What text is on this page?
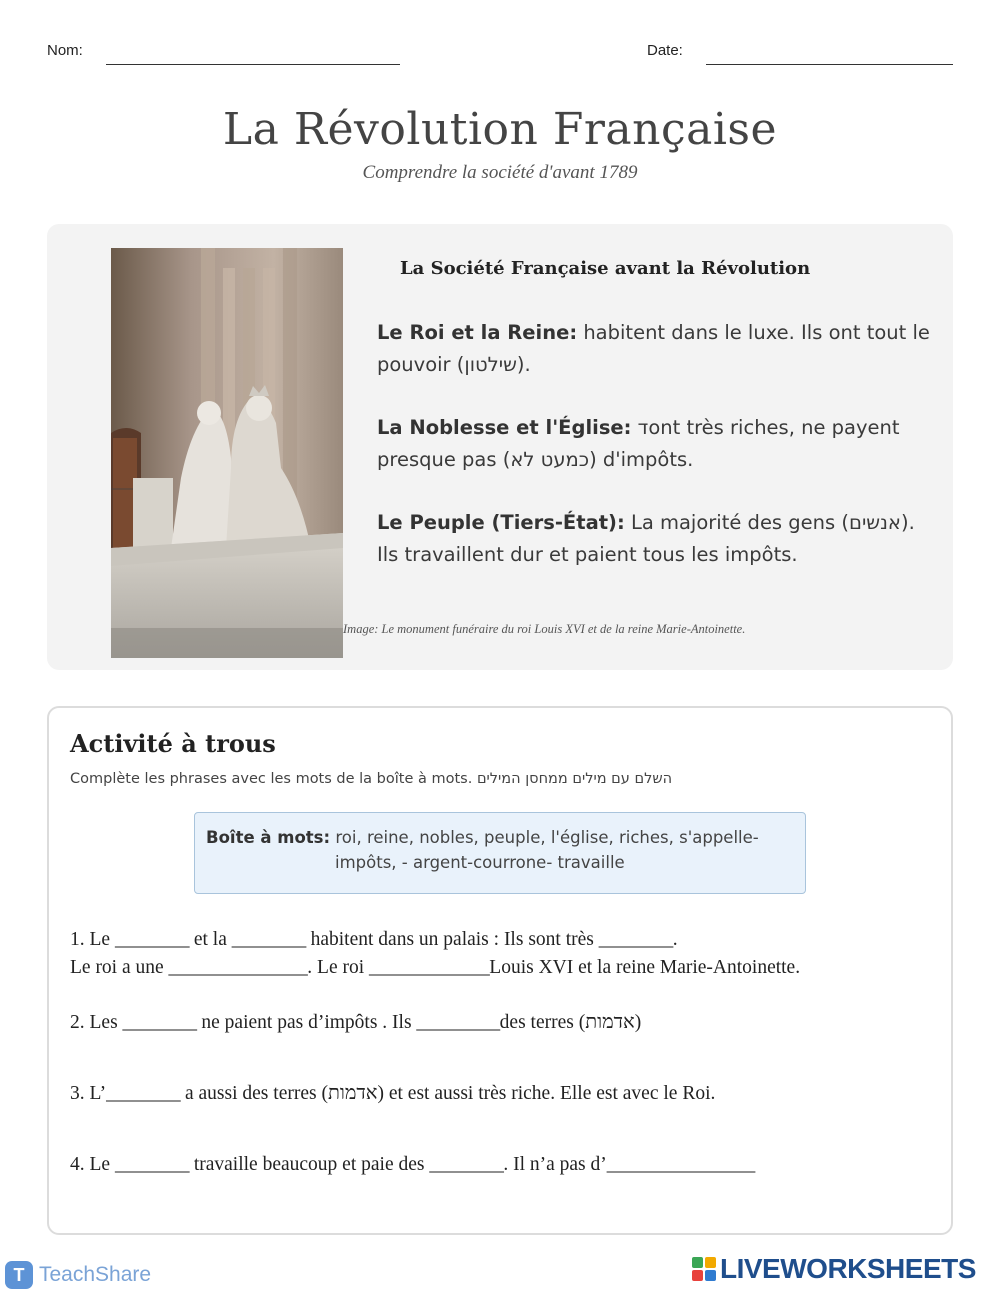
Nom:	Date:
La Révolution Française
Comprendre la société d'avant 1789
La Société Française avant la Révolution
Le Roi et la Reine: habitent dans le luxe. Ils ont tout le pouvoir (שילטון).
La Noblesse et l'Église: דont très riches, ne payent presque pas (כמעט לא) d'impôts.
Le Peuple (Tiers-État): La majorité des gens (אנשים). Ils travaillent dur et paient tous les impôts.
Image: Le monument funéraire du roi Louis XVI et de la reine Marie-Antoinette.
Activité à trous
Complète les phrases avec les mots de la boîte à mots. השלם עם מילים ממחסן המילים
Boîte à mots: roi, reine, nobles, peuple, l'église, riches, s'appelle-
impôts, - argent-courrone- travaille
1. Le ________ et la ________ habitent dans un palais : Ils sont très ________.
Le roi a une _______________. Le roi _____________Louis XVI et la reine Marie-Antoinette.
2. Les ________ ne paient pas d’impôts . Ils _________des terres (אדמות)
3. L’________ a aussi des terres (אדמות) et est aussi très riche. Elle est avec le Roi.
4. Le ________ travaille beaucoup et paie des ________. Il n’a pas d’________________
T TeachShare	LIVEWORKSHEETS
